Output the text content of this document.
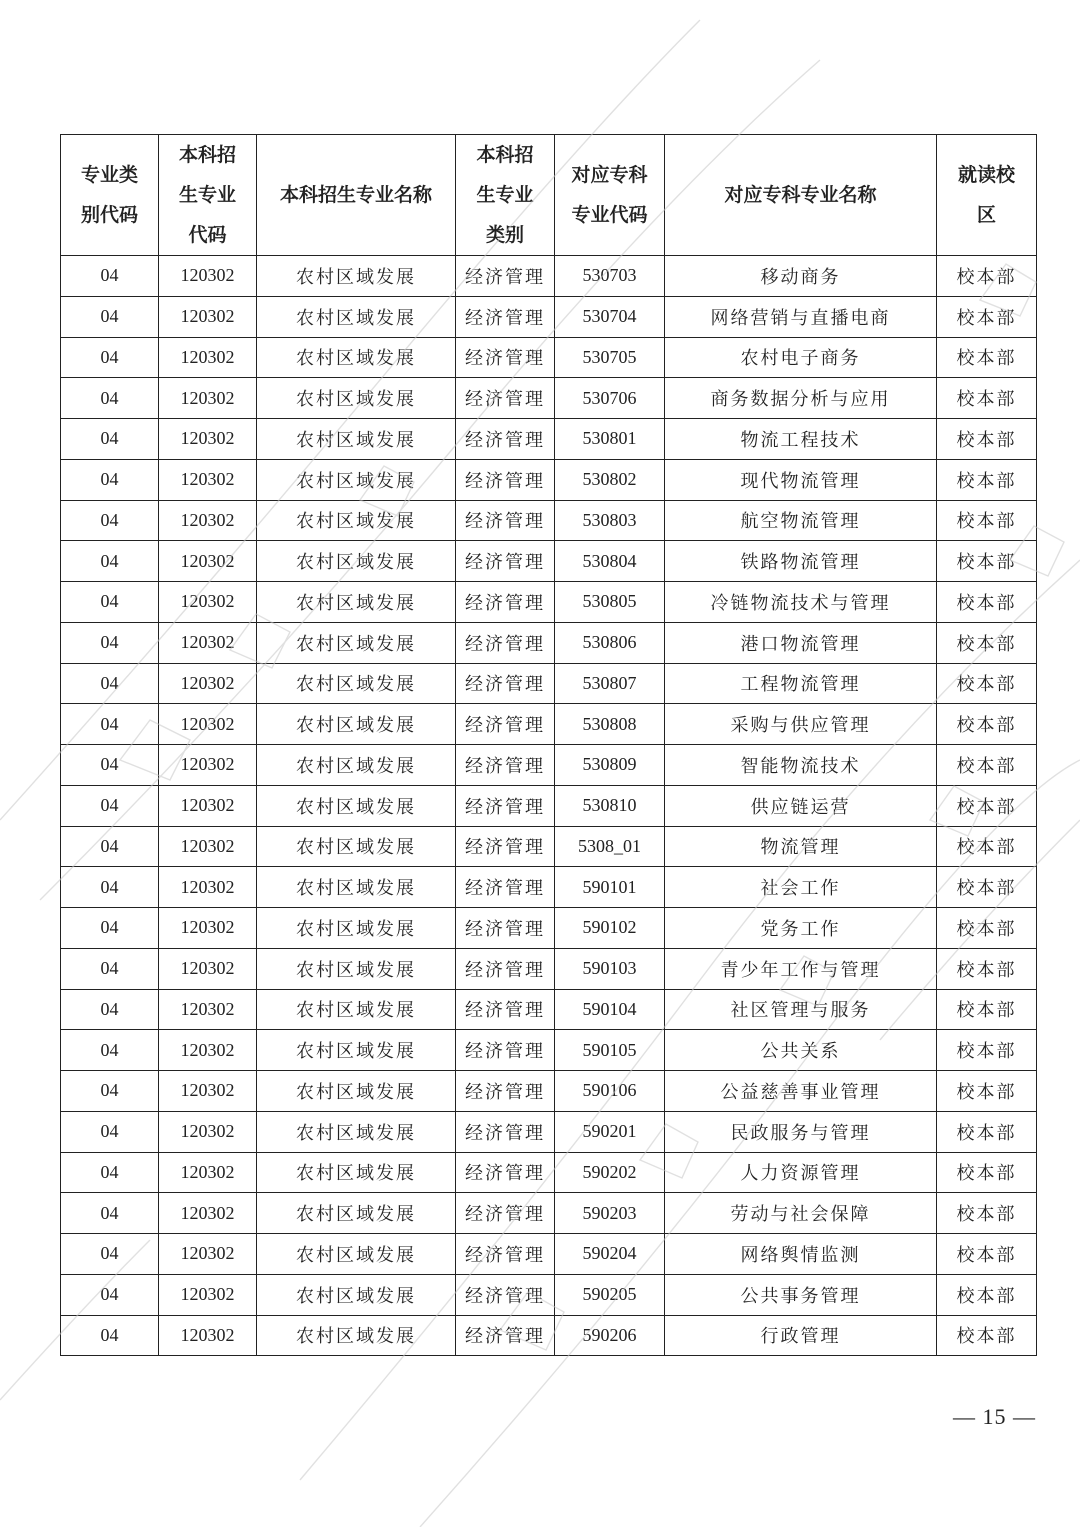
专业类别代码	本科招生专业代码	本科招生专业名称	本科招生专业类别	对应专科专业代码	对应专科专业名称	就读校区
04	120302	农村区域发展	经济管理	530703	移动商务	校本部
04	120302	农村区域发展	经济管理	530704	网络营销与直播电商	校本部
04	120302	农村区域发展	经济管理	530705	农村电子商务	校本部
04	120302	农村区域发展	经济管理	530706	商务数据分析与应用	校本部
04	120302	农村区域发展	经济管理	530801	物流工程技术	校本部
04	120302	农村区域发展	经济管理	530802	现代物流管理	校本部
04	120302	农村区域发展	经济管理	530803	航空物流管理	校本部
04	120302	农村区域发展	经济管理	530804	铁路物流管理	校本部
04	120302	农村区域发展	经济管理	530805	冷链物流技术与管理	校本部
04	120302	农村区域发展	经济管理	530806	港口物流管理	校本部
04	120302	农村区域发展	经济管理	530807	工程物流管理	校本部
04	120302	农村区域发展	经济管理	530808	采购与供应管理	校本部
04	120302	农村区域发展	经济管理	530809	智能物流技术	校本部
04	120302	农村区域发展	经济管理	530810	供应链运营	校本部
04	120302	农村区域发展	经济管理	5308_01	物流管理	校本部
04	120302	农村区域发展	经济管理	590101	社会工作	校本部
04	120302	农村区域发展	经济管理	590102	党务工作	校本部
04	120302	农村区域发展	经济管理	590103	青少年工作与管理	校本部
04	120302	农村区域发展	经济管理	590104	社区管理与服务	校本部
04	120302	农村区域发展	经济管理	590105	公共关系	校本部
04	120302	农村区域发展	经济管理	590106	公益慈善事业管理	校本部
04	120302	农村区域发展	经济管理	590201	民政服务与管理	校本部
04	120302	农村区域发展	经济管理	590202	人力资源管理	校本部
04	120302	农村区域发展	经济管理	590203	劳动与社会保障	校本部
04	120302	农村区域发展	经济管理	590204	网络舆情监测	校本部
04	120302	农村区域发展	经济管理	590205	公共事务管理	校本部
04	120302	农村区域发展	经济管理	590206	行政管理	校本部
— 15 —
